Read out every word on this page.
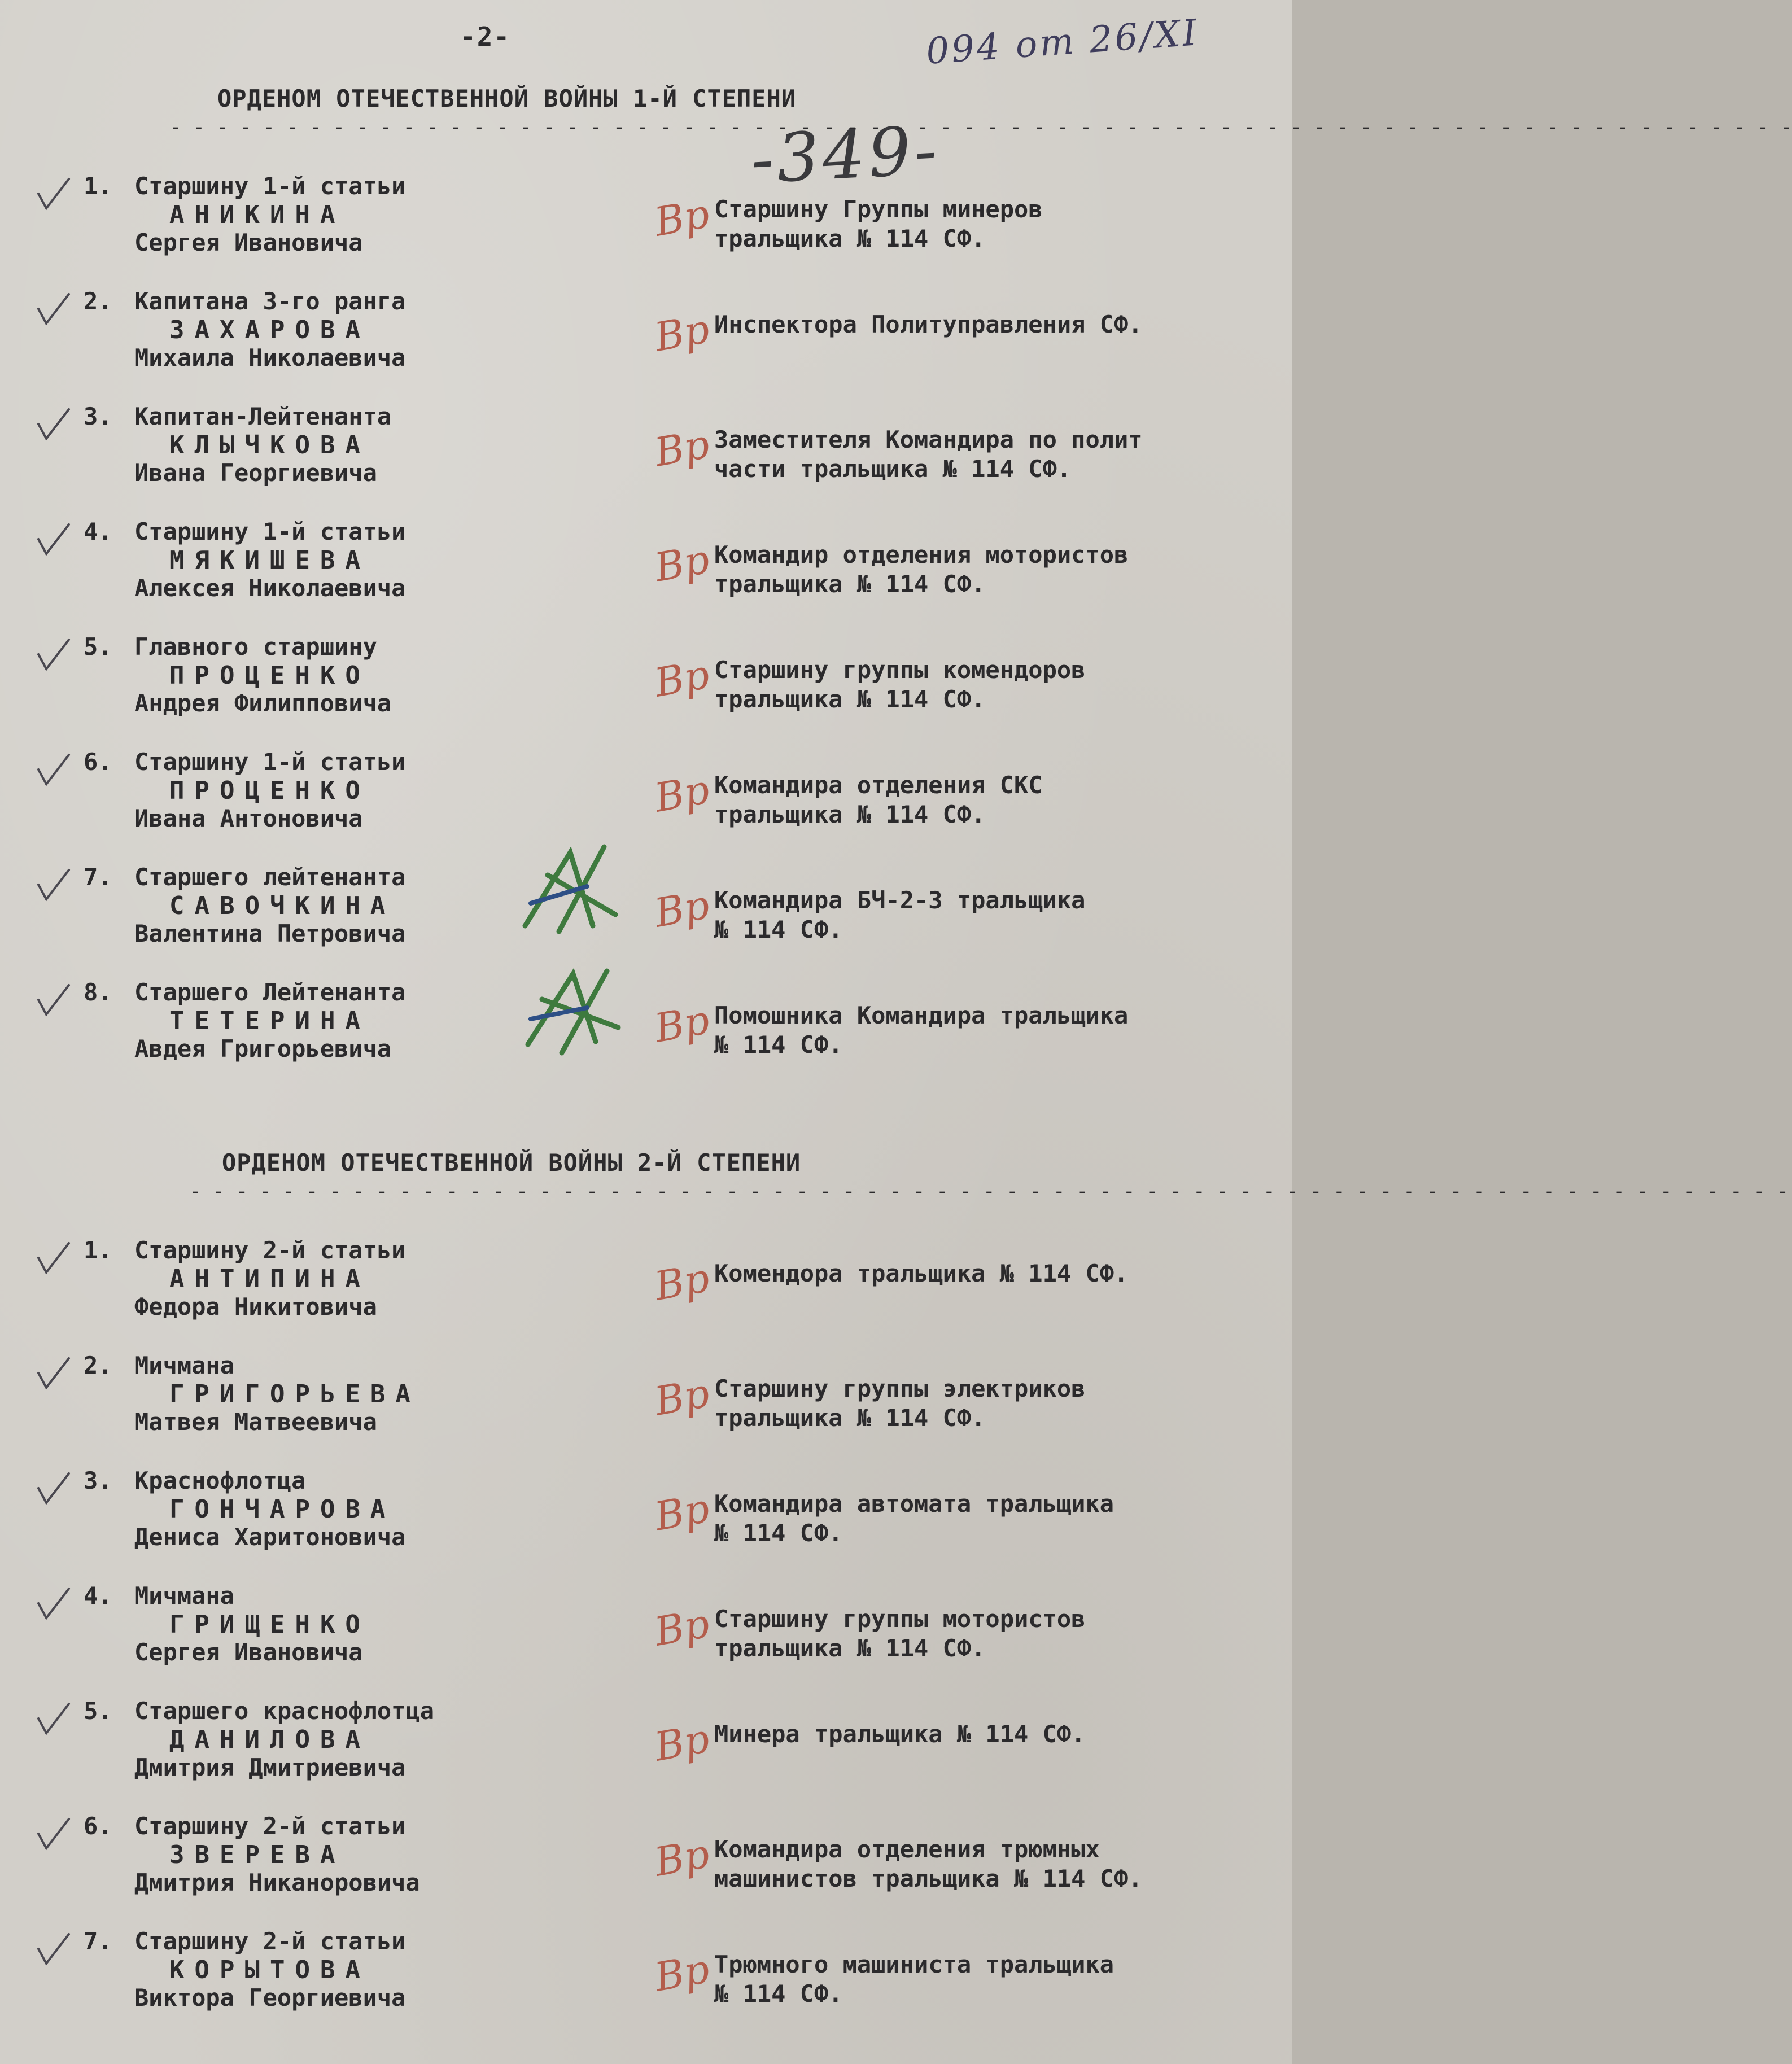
-2-	094 от 26/XI
-349-
ОРДЕНОМ ОТЕЧЕСТВЕННОЙ ВОЙНЫ 1-Й СТЕПЕНИ
- - - - - - - - - - - - - - - - - - - - - - - - - - - - - - - - - - - - - - - - - - - - - - - - - - - - - - - - - - - - - - - - - - - - - -
1. Старшину 1-й статьи
АНИКИНА
Сергея Ивановича	Вр Старшину Группы минеров
тральщика № 114 СФ.
2. Капитана 3-го ранга
ЗАХАРОВА
Михаила Николаевича	Вр Инспектора Политуправления СФ.
3. Капитан-Лейтенанта
КЛЫЧКОВА
Ивана Георгиевича	Вр Заместителя Командира по полит
части тральщика № 114 СФ.
4. Старшину 1-й статьи
МЯКИШЕВА
Алексея Николаевича	Вр Командир отделения мотористов
тральщика № 114 СФ.
5. Главного старшину
ПРОЦЕНКО
Андрея Филипповича	Вр Старшину группы комендоров
тральщика № 114 СФ.
6. Старшину 1-й статьи
ПРОЦЕНКО
Ивана Антоновича	Вр Командира отделения СКС
тральщика № 114 СФ.
7. Старшего лейтенанта
САВОЧКИНА
Валентина Петровича	Вр Командира БЧ-2-3 тральщика
№ 114 СФ.
8. Старшего Лейтенанта
ТЕТЕРИНА
Авдея Григорьевича	Вр Помошника Командира тральщика
№ 114 СФ.
ОРДЕНОМ ОТЕЧЕСТВЕННОЙ ВОЙНЫ 2-Й СТЕПЕНИ
- - - - - - - - - - - - - - - - - - - - - - - - - - - - - - - - - - - - - - - - - - - - - - - - - - - - - - - - - - - - - - - - - - - - -
1. Старшину 2-й статьи
АНТИПИНА
Федора Никитовича	Вр Комендора тральщика № 114 СФ.
2. Мичмана
ГРИГОРЬЕВА
Матвея Матвеевича	Вр Старшину группы электриков
тральщика № 114 СФ.
3. Краснофлотца
ГОНЧАРОВА
Дениса Харитоновича	Вр Командира автомата тральщика
№ 114 СФ.
4. Мичмана
ГРИЩЕНКО
Сергея Ивановича	Вр Старшину группы мотористов
тральщика № 114 СФ.
5. Старшего краснофлотца
ДАНИЛОВА
Дмитрия Дмитриевича	Вр Минера тральщика № 114 СФ.
6. Старшину 2-й статьи
ЗВЕРЕВА
Дмитрия Никаноровича	Вр Командира отделения трюмных
машинистов тральщика № 114 СФ.
7. Старшину 2-й статьи
КОРЫТОВА
Виктора Георгиевича	Вр Трюмного машиниста тральщика
№ 114 СФ.
